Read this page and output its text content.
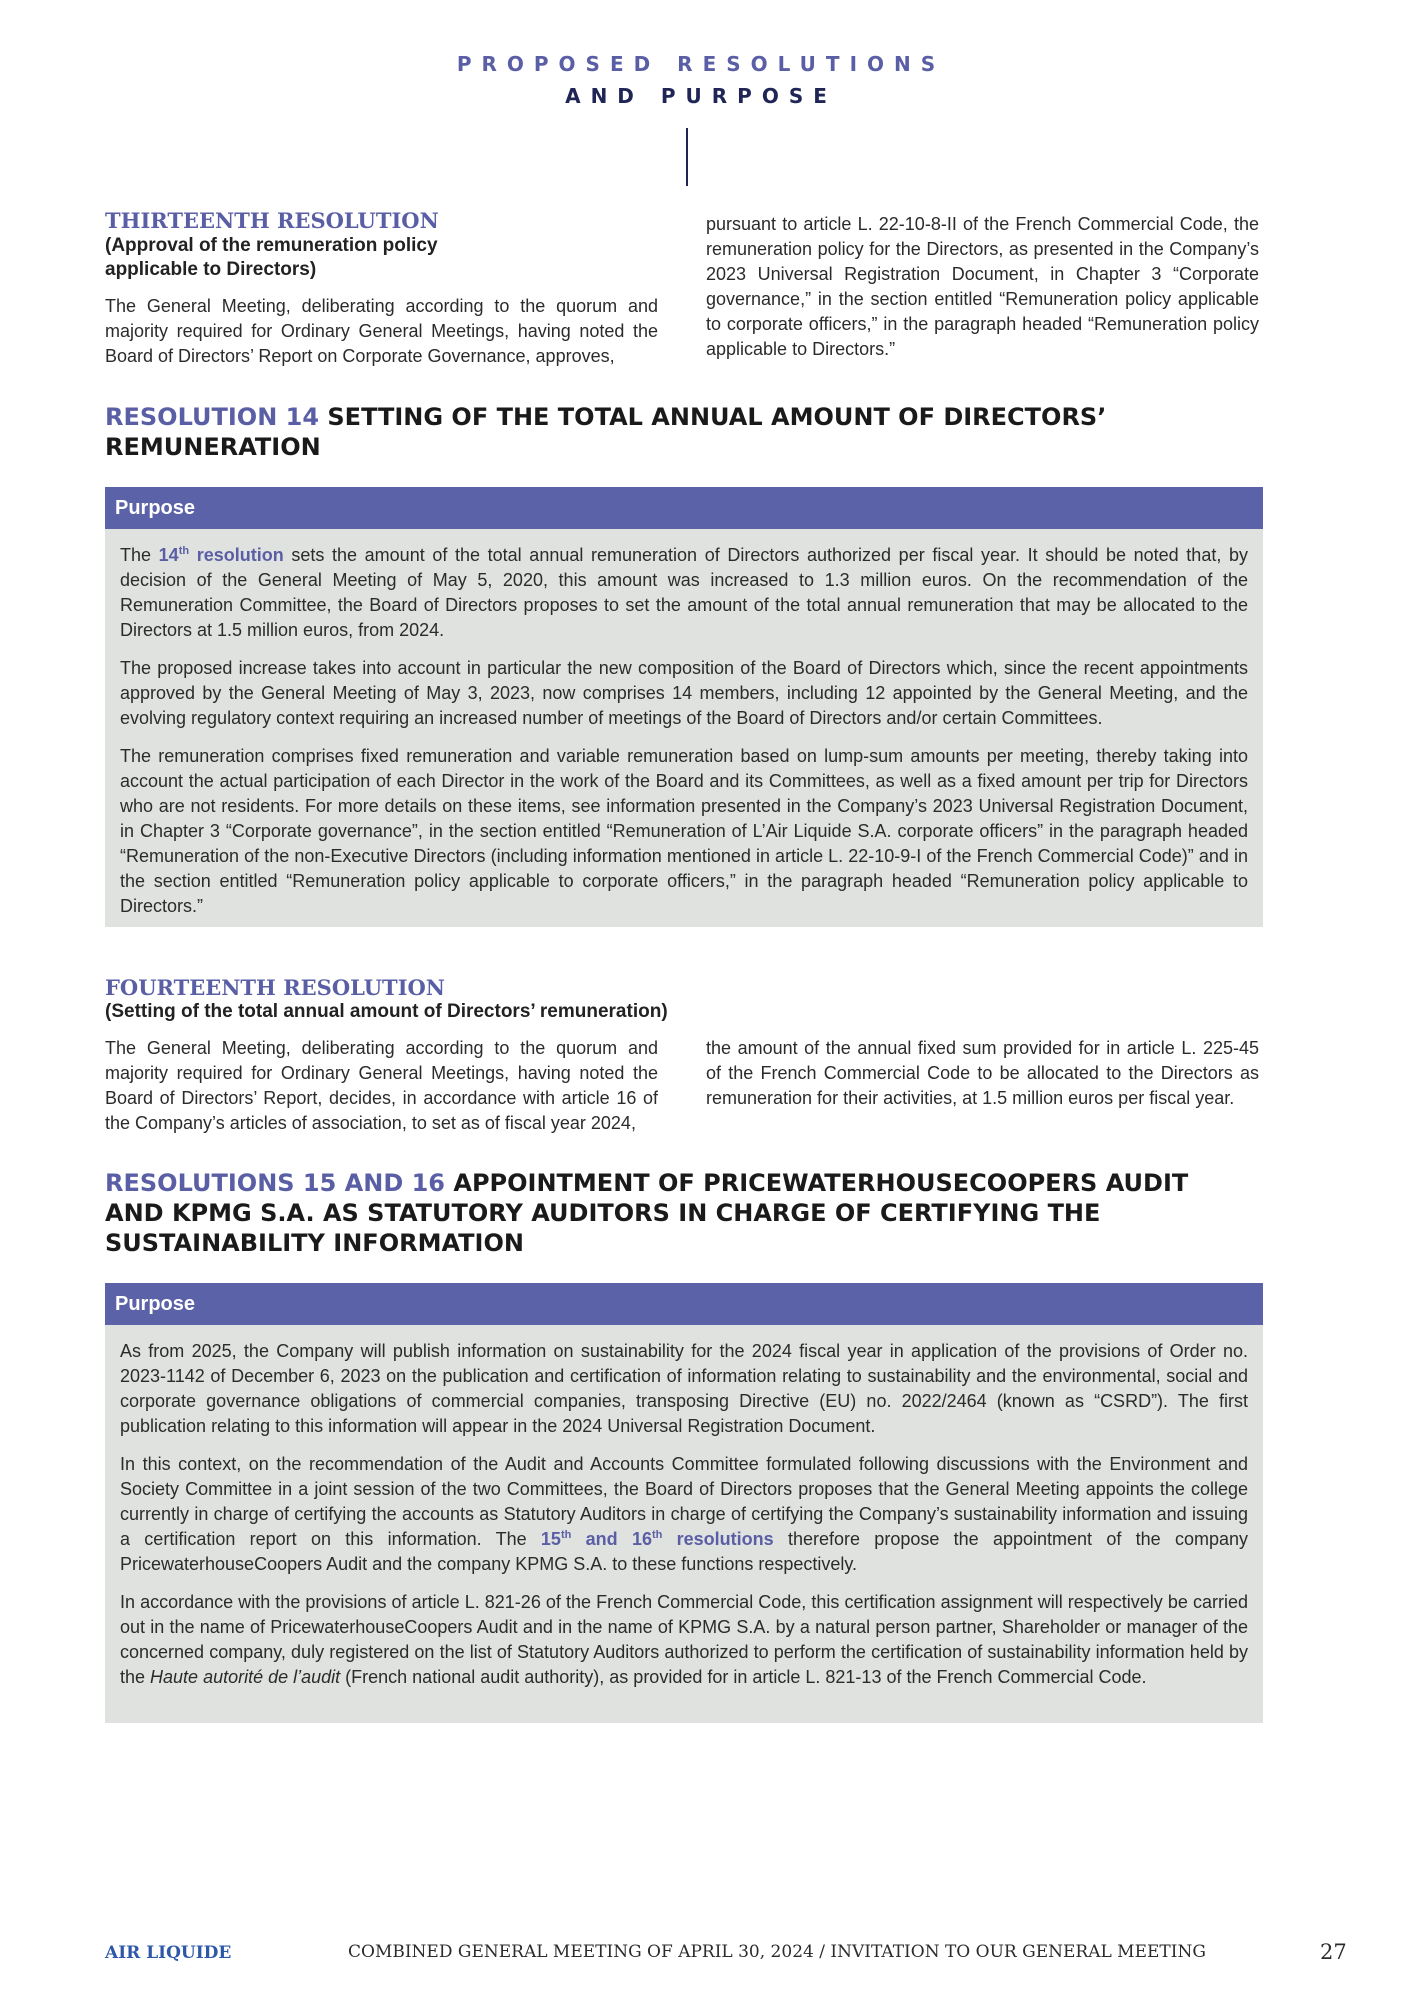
PROPOSED RESOLUTIONS
AND PURPOSE
THIRTEENTH RESOLUTION
(Approval of the remuneration policy applicable to Directors)
The General Meeting, deliberating according to the quorum and majority required for Ordinary General Meetings, having noted the Board of Directors’ Report on Corporate Governance, approves,
pursuant to article L. 22-10-8-II of the French Commercial Code, the remuneration policy for the Directors, as presented in the Company’s 2023 Universal Registration Document, in Chapter 3 “Corporate governance,” in the section entitled “Remuneration policy applicable to corporate officers,” in the paragraph headed “Remuneration policy applicable to Directors.”
RESOLUTION 14 SETTING OF THE TOTAL ANNUAL AMOUNT OF DIRECTORS’ REMUNERATION
Purpose

The 14th resolution sets the amount of the total annual remuneration of Directors authorized per fiscal year. It should be noted that, by decision of the General Meeting of May 5, 2020, this amount was increased to 1.3 million euros. On the recommendation of the Remuneration Committee, the Board of Directors proposes to set the amount of the total annual remuneration that may be allocated to the Directors at 1.5 million euros, from 2024.

The proposed increase takes into account in particular the new composition of the Board of Directors which, since the recent appointments approved by the General Meeting of May 3, 2023, now comprises 14 members, including 12 appointed by the General Meeting, and the evolving regulatory context requiring an increased number of meetings of the Board of Directors and/or certain Committees.

The remuneration comprises fixed remuneration and variable remuneration based on lump-sum amounts per meeting, thereby taking into account the actual participation of each Director in the work of the Board and its Committees, as well as a fixed amount per trip for Directors who are not residents. For more details on these items, see information presented in the Company’s 2023 Universal Registration Document, in Chapter 3 “Corporate governance”, in the section entitled “Remuneration of L’Air Liquide S.A. corporate officers” in the paragraph headed “Remuneration of the non-Executive Directors (including information mentioned in article L. 22-10-9-I of the French Commercial Code)” and in the section entitled “Remuneration policy applicable to corporate officers,” in the paragraph headed “Remuneration policy applicable to Directors.”

FOURTEENTH RESOLUTION
(Setting of the total annual amount of Directors’ remuneration)
The General Meeting, deliberating according to the quorum and majority required for Ordinary General Meetings, having noted the Board of Directors’ Report, decides, in accordance with article 16 of the Company’s articles of association, to set as of fiscal year 2024,
the amount of the annual fixed sum provided for in article L. 225-45 of the French Commercial Code to be allocated to the Directors as remuneration for their activities, at 1.5 million euros per fiscal year.
RESOLUTIONS 15 AND 16 APPOINTMENT OF PRICEWATERHOUSECOOPERS AUDIT AND KPMG S.A. AS STATUTORY AUDITORS IN CHARGE OF CERTIFYING THE SUSTAINABILITY INFORMATION
Purpose

As from 2025, the Company will publish information on sustainability for the 2024 fiscal year in application of the provisions of Order no. 2023-1142 of December 6, 2023 on the publication and certification of information relating to sustainability and the environmental, social and corporate governance obligations of commercial companies, transposing Directive (EU) no. 2022/2464 (known as “CSRD”). The first publication relating to this information will appear in the 2024 Universal Registration Document.

In this context, on the recommendation of the Audit and Accounts Committee formulated following discussions with the Environment and Society Committee in a joint session of the two Committees, the Board of Directors proposes that the General Meeting appoints the college currently in charge of certifying the accounts as Statutory Auditors in charge of certifying the Company’s sustainability information and issuing a certification report on this information. The 15th and 16th resolutions therefore propose the appointment of the company PricewaterhouseCoopers Audit and the company KPMG S.A. to these functions respectively.

In accordance with the provisions of article L. 821-26 of the French Commercial Code, this certification assignment will respectively be carried out in the name of PricewaterhouseCoopers Audit and in the name of KPMG S.A. by a natural person partner, Shareholder or manager of the concerned company, duly registered on the list of Statutory Auditors authorized to perform the certification of sustainability information held by the Haute autorité de l’audit (French national audit authority), as provided for in article L. 821-13 of the French Commercial Code.

AIR LIQUIDE	COMBINED GENERAL MEETING OF APRIL 30, 2024 / INVITATION TO OUR GENERAL MEETING	27
